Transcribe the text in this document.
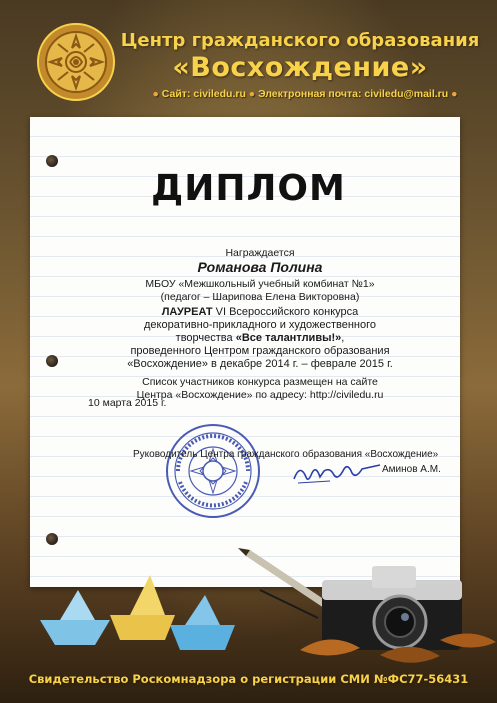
Центр гражданского образования
«Восхождение»
● Сайт: civiledu.ru ● Электронная почта: civiledu@mail.ru ●
ДИПЛОМ
Награждается
Романова Полина
МБОУ «Межшкольный учебный комбинат №1»
(педагог – Шарипова Елена Викторовна)
ЛАУРЕАТ VI Всероссийского конкурса
декоративно-прикладного и художественного
творчества «Все талантливы!»,
проведенного Центром гражданского образования
«Восхождение» в декабре 2014 г. – феврале 2015 г.
Список участников конкурса размещен на сайте
Центра «Восхождение» по адресу: http://civiledu.ru
10 марта 2015 г.
Руководитель Центра гражданского образования «Восхождение»
Аминов А.М.
Свидетельство Роскомнадзора о регистрации СМИ №ФС77-56431
